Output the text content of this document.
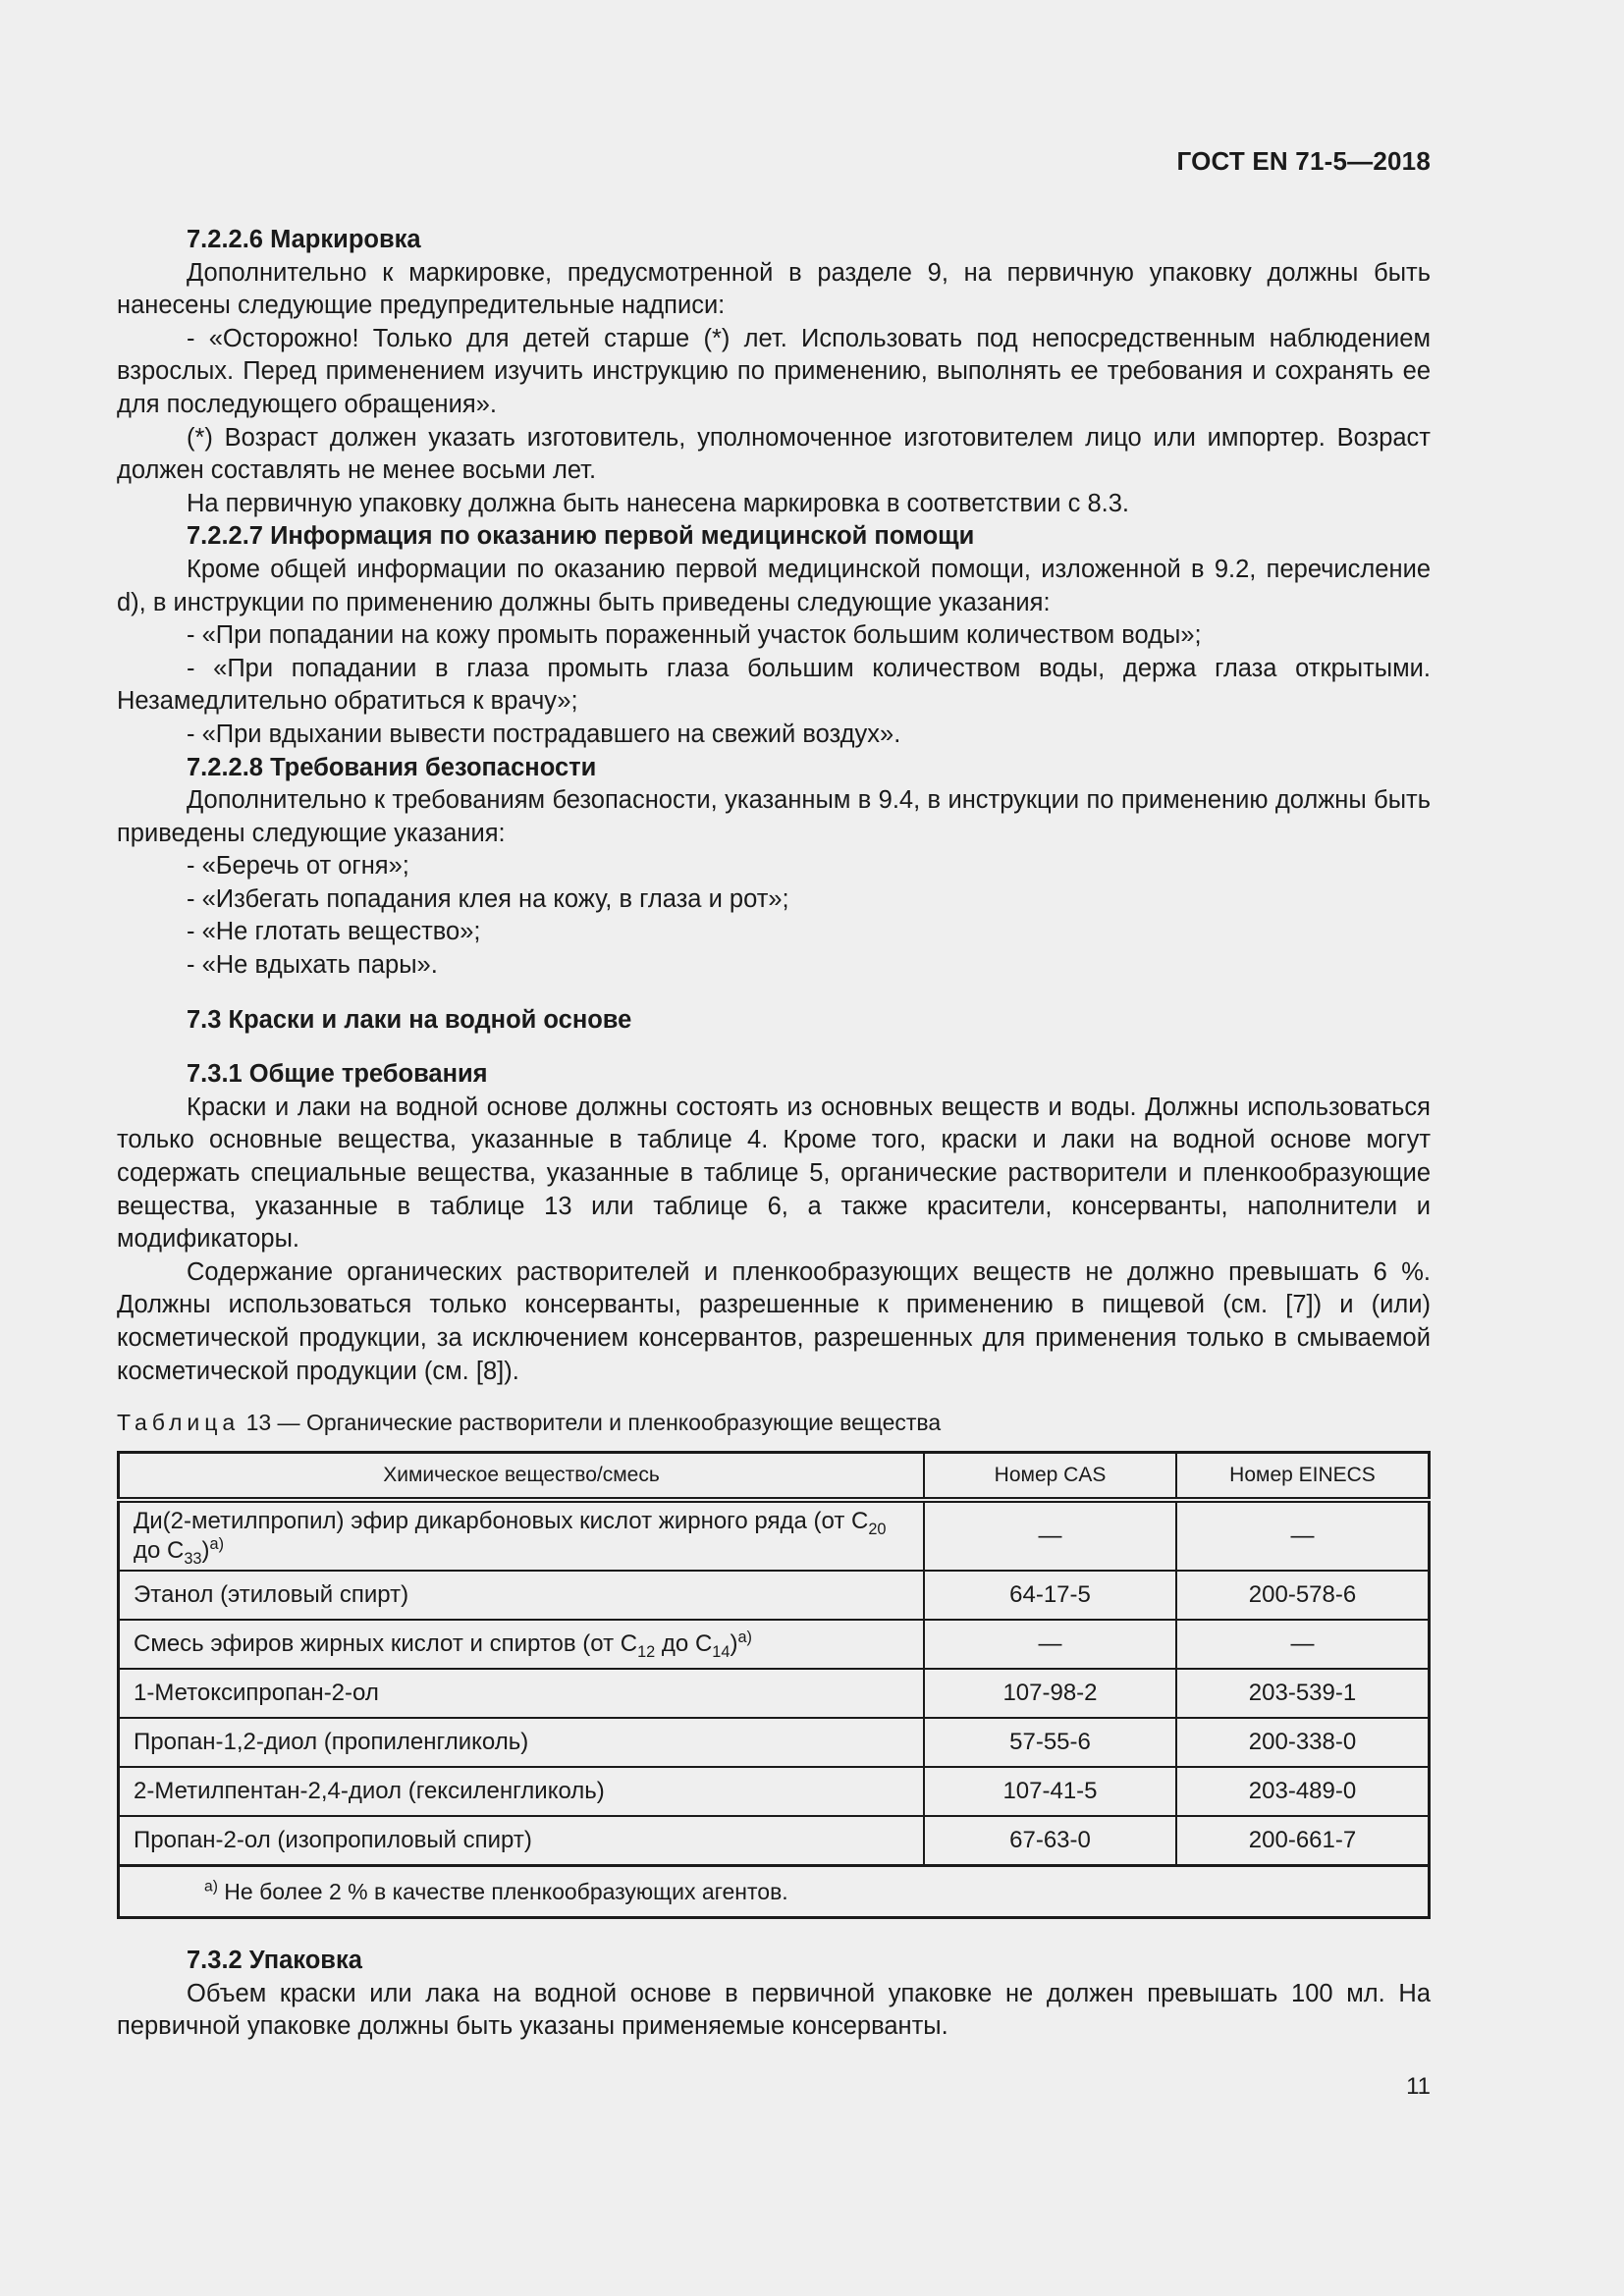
ГОСТ EN 71-5—2018

7.2.2.6 Маркировка

Дополнительно к маркировке, предусмотренной в разделе 9, на первичную упаковку должны быть нанесены следующие предупредительные надписи:

- «Осторожно! Только для детей старше (*) лет. Использовать под непосредственным наблюдением взрослых. Перед применением изучить инструкцию по применению, выполнять ее требования и сохранять ее для последующего обращения».

(*) Возраст должен указать изготовитель, уполномоченное изготовителем лицо или импортер. Возраст должен составлять не менее восьми лет.

На первичную упаковку должна быть нанесена маркировка в соответствии с 8.3.

7.2.2.7 Информация по оказанию первой медицинской помощи

Кроме общей информации по оказанию первой медицинской помощи, изложенной в 9.2, перечисление d), в инструкции по применению должны быть приведены следующие указания:

- «При попадании на кожу промыть пораженный участок большим количеством воды»;

- «При попадании в глаза промыть глаза большим количеством воды, держа глаза открытыми. Незамедлительно обратиться к врачу»;

- «При вдыхании вывести пострадавшего на свежий воздух».

7.2.2.8 Требования безопасности

Дополнительно к требованиям безопасности, указанным в 9.4, в инструкции по применению должны быть приведены следующие указания:

- «Беречь от огня»;

- «Избегать попадания клея на кожу, в глаза и рот»;

- «Не глотать вещество»;

- «Не вдыхать пары».

7.3 Краски и лаки на водной основе

7.3.1 Общие требования

Краски и лаки на водной основе должны состоять из основных веществ и воды. Должны использоваться только основные вещества, указанные в таблице 4. Кроме того, краски и лаки на водной основе могут содержать специальные вещества, указанные в таблице 5, органические растворители и пленкообразующие вещества, указанные в таблице 13 или таблице 6, а также красители, консерванты, наполнители и модификаторы.

Содержание органических растворителей и пленкообразующих веществ не должно превышать 6 %. Должны использоваться только консерванты, разрешенные к применению в пищевой (см. [7]) и (или) косметической продукции, за исключением консервантов, разрешенных для применения только в смываемой косметической продукции (см. [8]).

Таблица 13 — Органические растворители и пленкообразующие вещества
Химическое вещество/смесь	Номер CAS	Номер EINECS
Ди(2-метилпропил) эфир дикарбоновых кислот жирного ряда (от $C_{20}$ до $C_{33})^{а)}$	—	—
Этанол (этиловый спирт)	64-17-5	200-578-6
Смесь эфиров жирных кислот и спиртов (от $C_{12}$ до $C_{14})^{а)}$	—	—
1-Метоксипропан-2-ол	107-98-2	203-539-1
Пропан-1,2-диол (пропиленгликоль)	57-55-6	200-338-0
2-Метилпентан-2,4-диол (гексиленгликоль)	107-41-5	203-489-0
Пропан-2-ол (изопропиловый спирт)	67-63-0	200-661-7
$^{а)}$ Не более 2 % в качестве пленкообразующих агентов.		

7.3.2 Упаковка

Объем краски или лака на водной основе в первичной упаковке не должен превышать 100 мл. На первичной упаковке должны быть указаны применяемые консерванты.

11
